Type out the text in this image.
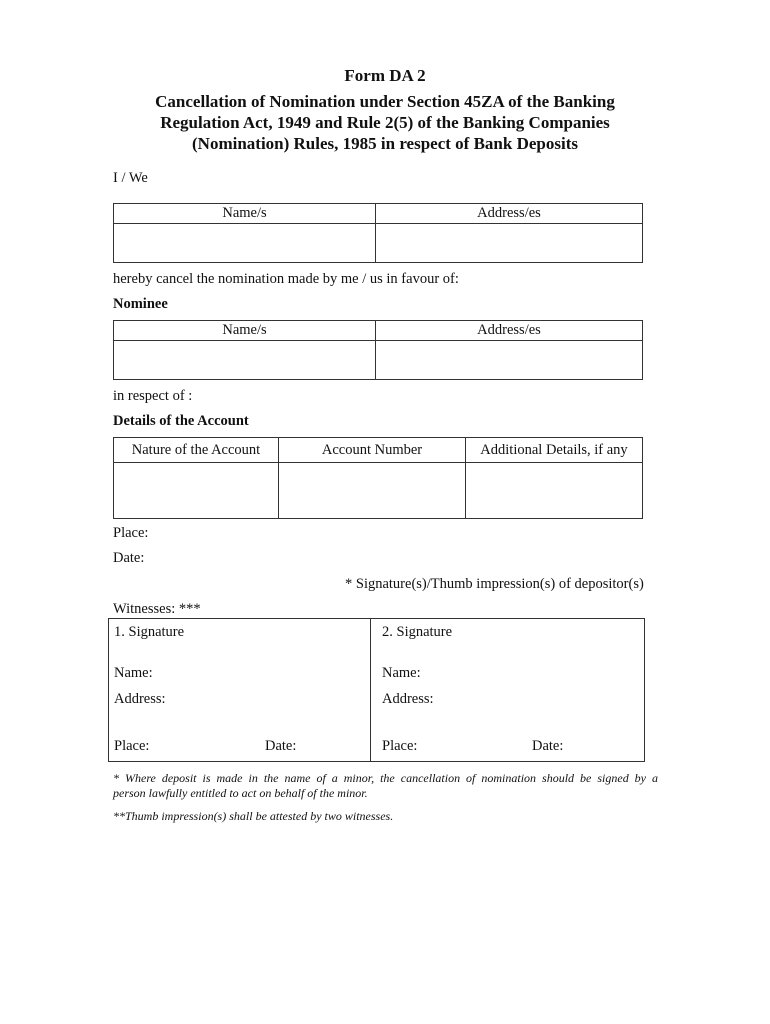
Form DA 2
Cancellation of Nomination under Section 45ZA of the Banking
Regulation Act, 1949 and Rule 2(5) of the Banking Companies
(Nomination) Rules, 1985 in respect of Bank Deposits
I / We
Name/s	Address/es

hereby cancel the nomination made by me / us in favour of:
Nominee
Name/s	Address/es

in respect of :
Details of the Account
Nature of the Account	Account Number	Additional Details, if any

Place:
Date:
* Signature(s)/Thumb impression(s) of depositor(s)
Witnesses: ***
1. Signature
Name:
Address:
Place:	Date:
2. Signature
Name:
Address:
Place:	Date:
* Where deposit is made in the name of a minor, the cancellation of nomination should be signed by a
person lawfully entitled to act on behalf of the minor.
**Thumb impression(s) shall be attested by two witnesses.
